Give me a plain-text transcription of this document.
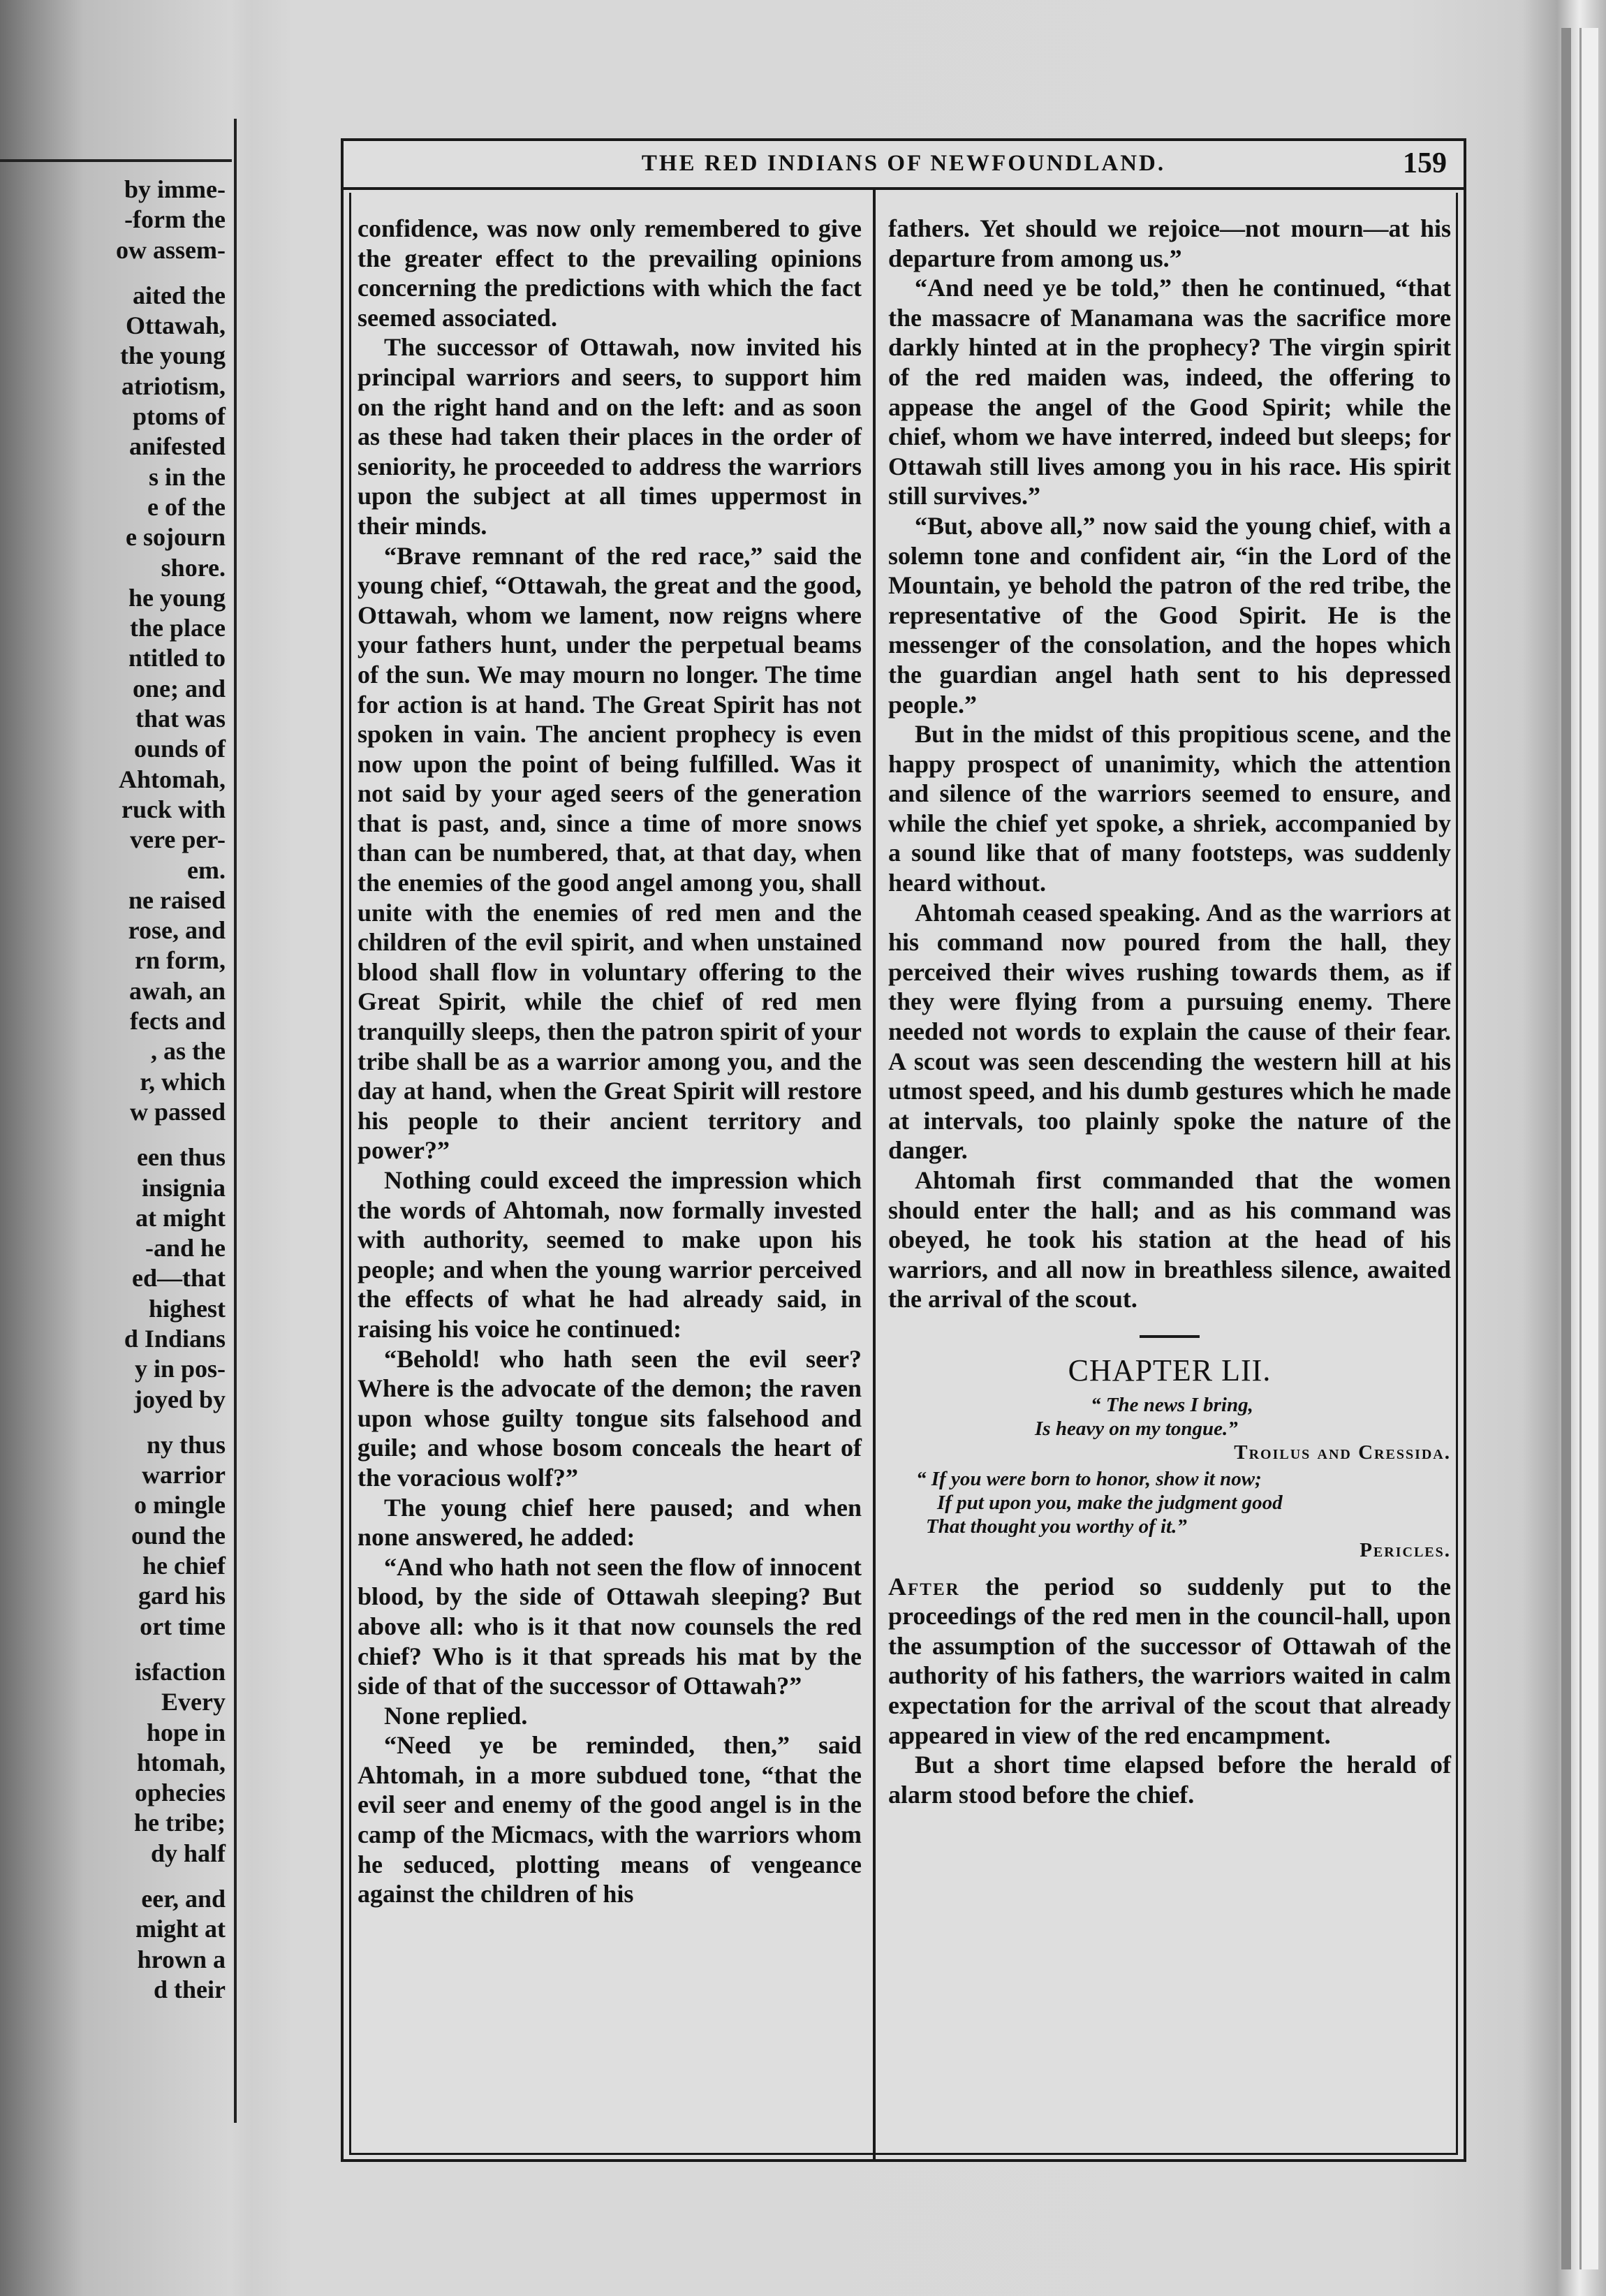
by imme-
-form the
ow assem-
aited the
Ottawah,
the young
atriotism,
ptoms of
anifested
s in the
e of the
e sojourn
shore.
he young
the place
ntitled to
one; and
that was
ounds of
Ahtomah,
ruck with
vere per-
em.
ne raised
rose, and
rn form,
awah, an
fects and
, as the
r, which
w passed
een thus
insignia
at might
-and he
ed—that
highest
d Indians
y in pos-
joyed by
ny thus
warrior
o mingle
ound the
he chief
gard his
ort time
isfaction
Every
hope in
htomah,
ophecies
he tribe;
dy half
eer, and
might at
hrown a
d their
THE RED INDIANS OF NEWFOUNDLAND.	159

confidence, was now only remembered to give the greater effect to the prevailing opinions concerning the predictions with which the fact seemed associated.

The successor of Ottawah, now invited his principal warriors and seers, to support him on the right hand and on the left: and as soon as these had taken their places in the order of seniority, he proceeded to address the warriors upon the subject at all times uppermost in their minds.

“Brave remnant of the red race,” said the young chief, “Ottawah, the great and the good, Ottawah, whom we lament, now reigns where your fathers hunt, under the perpetual beams of the sun. We may mourn no longer. The time for action is at hand. The Great Spirit has not spoken in vain. The ancient prophecy is even now upon the point of being fulfilled. Was it not said by your aged seers of the generation that is past, and, since a time of more snows than can be numbered, that, at that day, when the enemies of the good angel among you, shall unite with the enemies of red men and the children of the evil spirit, and when unstained blood shall flow in voluntary offering to the Great Spirit, while the chief of red men tranquilly sleeps, then the patron spirit of your tribe shall be as a warrior among you, and the day at hand, when the Great Spirit will restore his people to their ancient territory and power?”

Nothing could exceed the impression which the words of Ahtomah, now formally invested with authority, seemed to make upon his people; and when the young warrior perceived the effects of what he had already said, in raising his voice he continued:

“Behold! who hath seen the evil seer? Where is the advocate of the demon; the raven upon whose guilty tongue sits falsehood and guile; and whose bosom conceals the heart of the voracious wolf?”

The young chief here paused; and when none answered, he added:

“And who hath not seen the flow of innocent blood, by the side of Ottawah sleeping? But above all: who is it that now counsels the red chief? Who is it that spreads his mat by the side of that of the successor of Ottawah?”

None replied.

“Need ye be reminded, then,” said Ahtomah, in a more subdued tone, “that the evil seer and enemy of the good angel is in the camp of the Micmacs, with the warriors whom he seduced, plotting means of vengeance against the children of his

fathers. Yet should we rejoice—not mourn—at his departure from among us.”

“And need ye be told,” then he continued, “that the massacre of Manamana was the sacrifice more darkly hinted at in the prophecy? The virgin spirit of the red maiden was, indeed, the offering to appease the angel of the Good Spirit; while the chief, whom we have interred, indeed but sleeps; for Ottawah still lives among you in his race. His spirit still survives.”

“But, above all,” now said the young chief, with a solemn tone and confident air, “in the Lord of the Mountain, ye behold the patron of the red tribe, the representative of the Good Spirit. He is the messenger of the consolation, and the hopes which the guardian angel hath sent to his depressed people.”

But in the midst of this propitious scene, and the happy prospect of unanimity, which the attention and silence of the warriors seemed to ensure, and while the chief yet spoke, a shriek, accompanied by a sound like that of many footsteps, was suddenly heard without.

Ahtomah ceased speaking. And as the warriors at his command now poured from the hall, they perceived their wives rushing towards them, as if they were flying from a pursuing enemy. There needed not words to explain the cause of their fear. A scout was seen descending the western hill at his utmost speed, and his dumb gestures which he made at intervals, too plainly spoke the nature of the danger.

Ahtomah first commanded that the women should enter the hall; and as his command was obeyed, he took his station at the head of his warriors, and all now in breathless silence, awaited the arrival of the scout.

CHAPTER LII.
“ The news I bring,
Is heavy on my tongue.”
Troilus and Cressida.
“ If you were born to honor, show it now;
If put upon you, make the judgment good
That thought you worthy of it.”
Pericles.

After the period so suddenly put to the proceedings of the red men in the council-hall, upon the assumption of the successor of Ottawah of the authority of his fathers, the warriors waited in calm expectation for the arrival of the scout that already appeared in view of the red encampment.

But a short time elapsed before the herald of alarm stood before the chief.
